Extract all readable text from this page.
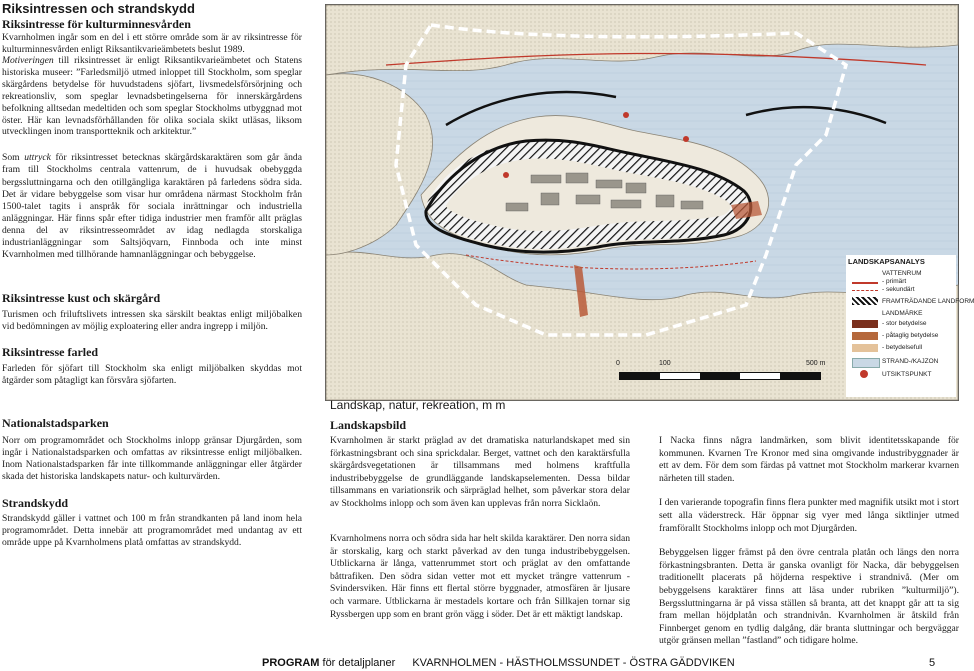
Riksintressen och strandskydd
Riksintresse för kulturminnesvården

Kvarnholmen ingår som en del i ett större område som är av riksintresse för kulturminnesvården enligt Riksantikvarieämbetets beslut 1989.

Motiveringen till riksintresset är enligt Riksantikvarieämbetet och Statens historiska museer: ”Farledsmiljö utmed inloppet till Stockholm, som speglar skärgårdens betydelse för huvudstadens sjöfart, livsmedelsförsörjning och rekreationsliv, som speglar levnadsbetingelserna för innerskärgårdens befolkning alltsedan medeltiden och som speglar Stockholms utbyggnad mot öster. Här kan levnadsförhållanden för olika sociala skikt utläsas, liksom utvecklingen inom transportteknik och arkitektur.”

Som uttryck för riksintresset betecknas skärgårdskaraktären som går ända fram till Stockholms centrala vattenrum, de i huvudsak obebyggda bergssluttningarna och den otillgängliga karaktären på farledens södra sida. Det är vidare bebyggelse som visar hur områdena närmast Stockholm från 1500-talet tagits i anspråk för sociala inrättningar och industriella anläggningar. Här finns spår efter tidiga industrier men framför allt präglas denna del av riksintresseområdet av idag nedlagda storskaliga industrianläggningar som Saltsjöqvarn, Finnboda och inte minst Kvarnholmen med tillhörande hamnanläggningar och bebyggelse.

Riksintresse kust och skärgård

Turismen och friluftslivets intressen ska särskilt beaktas enligt miljöbalken vid bedömningen av möjlig exploatering eller andra ingrepp i miljön.

Riksintresse farled

Farleden för sjöfart till Stockholm ska enligt miljöbalken skyddas mot åtgärder som påtagligt kan försvåra sjöfarten.

Nationalstadsparken

Norr om programområdet och Stockholms inlopp gränsar Djurgården, som ingår i Nationalstadsparken och omfattas av riksintresse enligt miljöbalken. Inom Nationalstadsparken får inte tillkommande anläggningar eller åtgärder skada det historiska landskapets natur- och kulturvärden.

Strandskydd

Strandskydd gäller i vattnet och 100 m från strandkanten på land inom hela programområdet. Detta innebär att programområdet med undantag av ett område uppe på Kvarnholmens platå omfattas av strandskydd.

LANDSKAPSANALYS
VATTENRUM
- primärt
- sekundärt
FRAMTRÄDANDE LANDFORM
LANDMÄRKE
- stor betydelse
- påtaglig betydelse
- betydelsefull
STRAND-/KAJZON
UTSIKTSPUNKT
0	100	500 m
Landskap, natur, rekreation, m m
Landskapsbild

Kvarnholmen är starkt präglad av det dramatiska naturlandskapet med sin förkastningsbrant och sina sprickdalar. Berget, vattnet och den karaktärsfulla skärgårdsvegetationen är tillsammans med holmens kraftfulla industribebyggelse de grundläggande landskapselementen. Dessa bildar tillsammans en variationsrik och särpräglad helhet, som påverkar stora delar av Stockholms inlopp och som även kan upplevas från norra Sicklaön.

Kvarnholmens norra och södra sida har helt skilda karaktärer. Den norra sidan är storskalig, karg och starkt påverkad av den tunga industribebyggelsen. Utblickarna är långa, vattenrummet stort och präglat av den omfattande båttrafiken. Den södra sidan vetter mot ett mycket trängre vattenrum - Svindersviken. Här finns ett flertal större byggnader, atmosfären är ljusare och varmare. Utblickarna är mestadels kortare och från Sillkajen tornar sig Ryssbergen upp som en brant grön vägg i söder. Det är ett mäktigt landskap.

I Nacka finns några landmärken, som blivit identitetsskapande för kommunen. Kvarnen Tre Kronor med sina omgivande industribyggnader är ett av dem. För dem som färdas på vattnet mot Stockholm markerar kvarnen närheten till staden.

I den varierande topografin finns flera punkter med magnifik utsikt mot i stort sett alla väderstreck. Här öppnar sig vyer med långa siktlinjer utmed framförallt Stockholms inlopp och mot Djurgården.

Bebyggelsen ligger främst på den övre centrala platån och längs den norra förkastningsbranten. Detta är ganska ovanligt för Nacka, där bebyggelsen traditionellt placerats på höjderna respektive i strandnivå. (Mer om bebyggelsens karaktärer finns att läsa under rubriken ”kulturmiljö”). Bergssluttningarna är på vissa ställen så branta, att det knappt går att ta sig fram mellan höjdplatån och strandnivån. Kvarnholmen är åtskild från Finnberget genom en tydlig dalgång, där branta sluttningar och bergväggar utgör gränsen mellan ”fastland” och tidigare holme.

PROGRAM för detaljplaner KVARNHOLMEN - HÄSTHOLMSSUNDET - ÖSTRA GÄDDVIKEN	5
